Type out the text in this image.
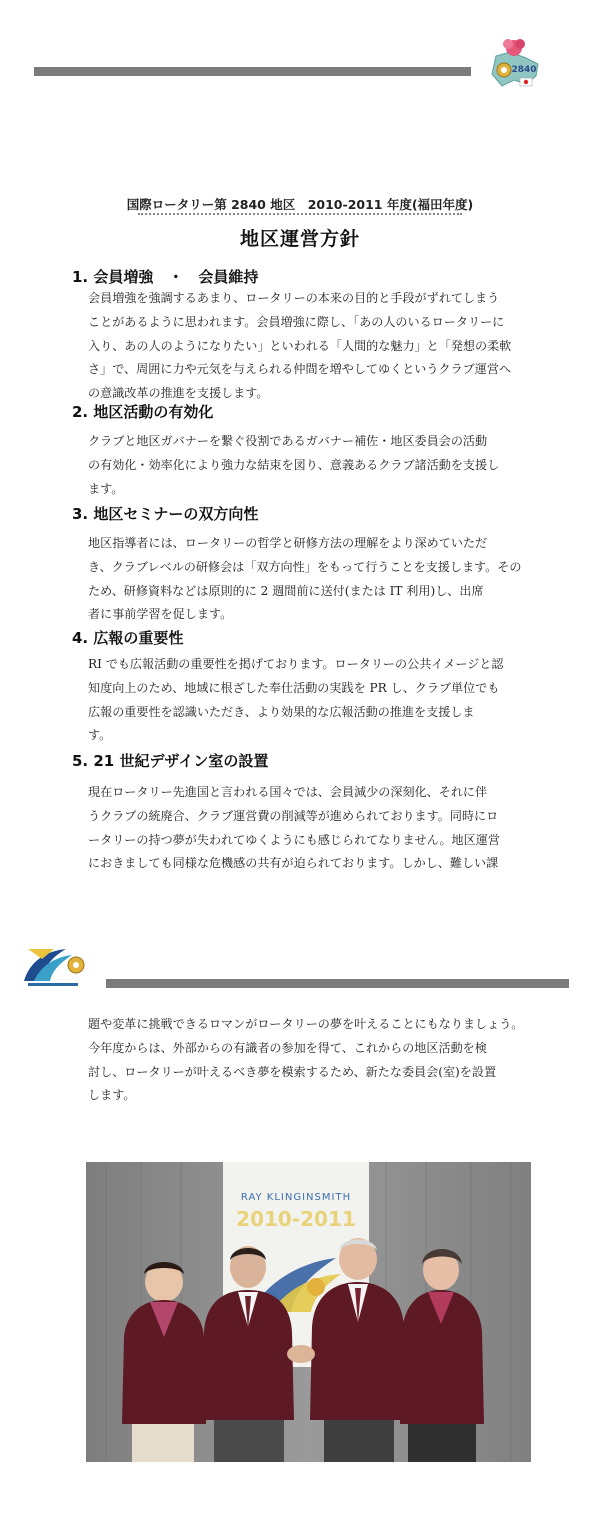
2840
国際ロータリー第 2840 地区　2010-2011 年度(福田年度)
地区運営方針
1. 会員増強　・　会員維持
会員増強を強調するあまり、ロータリーの本来の目的と手段がずれてしまう
ことがあるように思われます。会員増強に際し、「あの人のいるロータリーに
入り、あの人のようになりたい」といわれる「人間的な魅力」と「発想の柔軟
さ」で、周囲に力や元気を与えられる仲間を増やしてゆくというクラブ運営へ
の意識改革の推進を支援します。
2. 地区活動の有効化
クラブと地区ガバナーを繋ぐ役割であるガバナー補佐・地区委員会の活動
の有効化・効率化により強力な結束を図り、意義あるクラブ諸活動を支援し
ます。
3. 地区セミナーの双方向性
地区指導者には、ロータリーの哲学と研修方法の理解をより深めていただ
き、クラブレベルの研修会は「双方向性」をもって行うことを支援します。その
ため、研修資料などは原則的に 2 週間前に送付(または IT 利用)し、出席
者に事前学習を促します。
4. 広報の重要性
RI でも広報活動の重要性を掲げております。ロータリーの公共イメージと認
知度向上のため、地域に根ざした奉仕活動の実践を PR し、クラブ単位でも
広報の重要性を認識いただき、より効果的な広報活動の推進を支援しま
す。
5. 21 世紀デザイン室の設置
現在ロータリー先進国と言われる国々では、会員減少の深刻化、それに伴
うクラブの統廃合、クラブ運営費の削減等が進められております。同時にロ
ータリーの持つ夢が失われてゆくようにも感じられてなりません。地区運営
におきましても同様な危機感の共有が迫られております。しかし、難しい課
題や変革に挑戦できるロマンがロータリーの夢を叶えることにもなりましょう。
今年度からは、外部からの有識者の参加を得て、これからの地区活動を検
討し、ロータリーが叶えるべき夢を模索するため、新たな委員会(室)を設置
します。
RAY KLINGINSMITH
2010-2011
